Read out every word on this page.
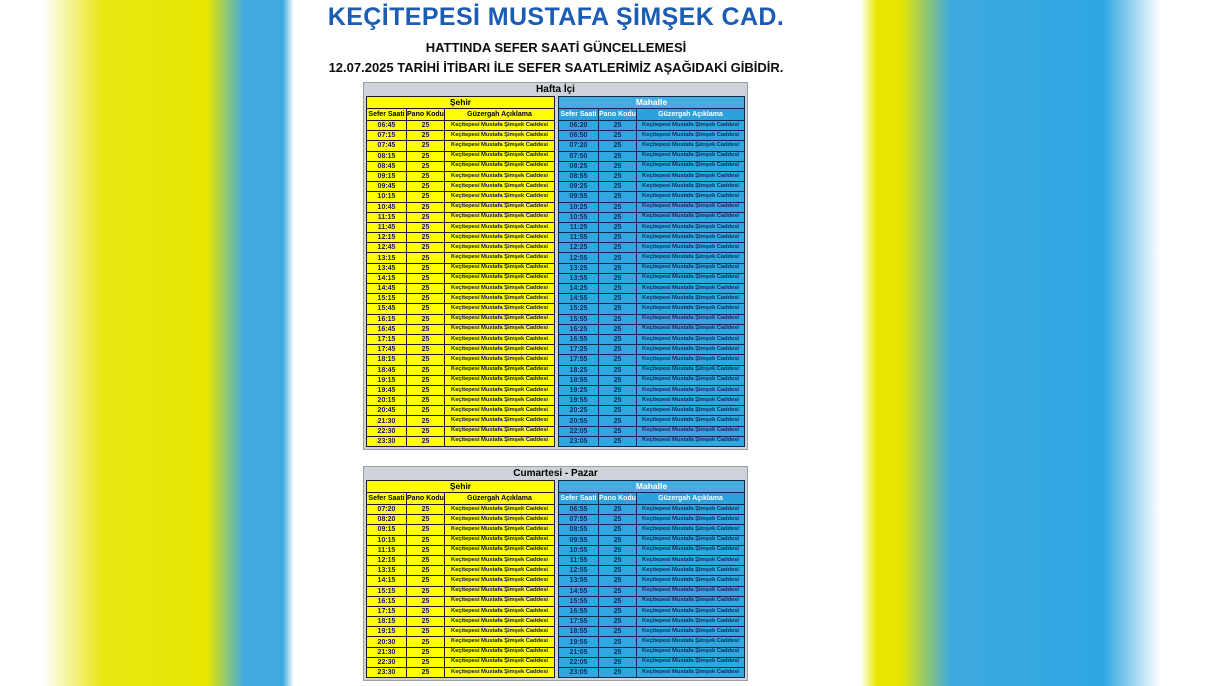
KEÇİTEPESİ MUSTAFA ŞİMŞEK CAD.
HATTINDA SEFER SAATİ GÜNCELLEMESİ
12.07.2025 TARİHİ İTİBARI İLE SEFER SAATLERİMİZ AŞAĞIDAKİ GİBİDİR.
Hafta İçi
Şehir		
Sefer Saati	Pano Kodu	Güzergah Açıklama
06:45	25	Keçitepesi Mustafa Şimşek Caddesi
07:15	25	Keçitepesi Mustafa Şimşek Caddesi
07:45	25	Keçitepesi Mustafa Şimşek Caddesi
08:15	25	Keçitepesi Mustafa Şimşek Caddesi
08:45	25	Keçitepesi Mustafa Şimşek Caddesi
09:15	25	Keçitepesi Mustafa Şimşek Caddesi
09:45	25	Keçitepesi Mustafa Şimşek Caddesi
10:15	25	Keçitepesi Mustafa Şimşek Caddesi
10:45	25	Keçitepesi Mustafa Şimşek Caddesi
11:15	25	Keçitepesi Mustafa Şimşek Caddesi
11:45	25	Keçitepesi Mustafa Şimşek Caddesi
12:15	25	Keçitepesi Mustafa Şimşek Caddesi
12:45	25	Keçitepesi Mustafa Şimşek Caddesi
13:15	25	Keçitepesi Mustafa Şimşek Caddesi
13:45	25	Keçitepesi Mustafa Şimşek Caddesi
14:15	25	Keçitepesi Mustafa Şimşek Caddesi
14:45	25	Keçitepesi Mustafa Şimşek Caddesi
15:15	25	Keçitepesi Mustafa Şimşek Caddesi
15:45	25	Keçitepesi Mustafa Şimşek Caddesi
16:15	25	Keçitepesi Mustafa Şimşek Caddesi
16:45	25	Keçitepesi Mustafa Şimşek Caddesi
17:15	25	Keçitepesi Mustafa Şimşek Caddesi
17:45	25	Keçitepesi Mustafa Şimşek Caddesi
18:15	25	Keçitepesi Mustafa Şimşek Caddesi
18:45	25	Keçitepesi Mustafa Şimşek Caddesi
19:15	25	Keçitepesi Mustafa Şimşek Caddesi
19:45	25	Keçitepesi Mustafa Şimşek Caddesi
20:15	25	Keçitepesi Mustafa Şimşek Caddesi
20:45	25	Keçitepesi Mustafa Şimşek Caddesi
21:30	25	Keçitepesi Mustafa Şimşek Caddesi
22:30	25	Keçitepesi Mustafa Şimşek Caddesi
23:30	25	Keçitepesi Mustafa Şimşek Caddesi
Mahalle		
Sefer Saati	Pano Kodu	Güzergah Açıklama
06:20	25	Keçitepesi Mustafa Şimşek Caddesi
06:50	25	Keçitepesi Mustafa Şimşek Caddesi
07:20	25	Keçitepesi Mustafa Şimşek Caddesi
07:50	25	Keçitepesi Mustafa Şimşek Caddesi
08:25	25	Keçitepesi Mustafa Şimşek Caddesi
08:55	25	Keçitepesi Mustafa Şimşek Caddesi
09:25	25	Keçitepesi Mustafa Şimşek Caddesi
09:55	25	Keçitepesi Mustafa Şimşek Caddesi
10:25	25	Keçitepesi Mustafa Şimşek Caddesi
10:55	25	Keçitepesi Mustafa Şimşek Caddesi
11:25	25	Keçitepesi Mustafa Şimşek Caddesi
11:55	25	Keçitepesi Mustafa Şimşek Caddesi
12:25	25	Keçitepesi Mustafa Şimşek Caddesi
12:55	25	Keçitepesi Mustafa Şimşek Caddesi
13:25	25	Keçitepesi Mustafa Şimşek Caddesi
13:55	25	Keçitepesi Mustafa Şimşek Caddesi
14:25	25	Keçitepesi Mustafa Şimşek Caddesi
14:55	25	Keçitepesi Mustafa Şimşek Caddesi
15:25	25	Keçitepesi Mustafa Şimşek Caddesi
15:55	25	Keçitepesi Mustafa Şimşek Caddesi
16:25	25	Keçitepesi Mustafa Şimşek Caddesi
16:55	25	Keçitepesi Mustafa Şimşek Caddesi
17:25	25	Keçitepesi Mustafa Şimşek Caddesi
17:55	25	Keçitepesi Mustafa Şimşek Caddesi
18:25	25	Keçitepesi Mustafa Şimşek Caddesi
18:55	25	Keçitepesi Mustafa Şimşek Caddesi
19:25	25	Keçitepesi Mustafa Şimşek Caddesi
19:55	25	Keçitepesi Mustafa Şimşek Caddesi
20:25	25	Keçitepesi Mustafa Şimşek Caddesi
20:55	25	Keçitepesi Mustafa Şimşek Caddesi
22:05	25	Keçitepesi Mustafa Şimşek Caddesi
23:05	25	Keçitepesi Mustafa Şimşek Caddesi
Cumartesi - Pazar
Şehir		
Sefer Saati	Pano Kodu	Güzergah Açıklama
07:20	25	Keçitepesi Mustafa Şimşek Caddesi
08:20	25	Keçitepesi Mustafa Şimşek Caddesi
09:15	25	Keçitepesi Mustafa Şimşek Caddesi
10:15	25	Keçitepesi Mustafa Şimşek Caddesi
11:15	25	Keçitepesi Mustafa Şimşek Caddesi
12:15	25	Keçitepesi Mustafa Şimşek Caddesi
13:15	25	Keçitepesi Mustafa Şimşek Caddesi
14:15	25	Keçitepesi Mustafa Şimşek Caddesi
15:15	25	Keçitepesi Mustafa Şimşek Caddesi
16:15	25	Keçitepesi Mustafa Şimşek Caddesi
17:15	25	Keçitepesi Mustafa Şimşek Caddesi
18:15	25	Keçitepesi Mustafa Şimşek Caddesi
19:15	25	Keçitepesi Mustafa Şimşek Caddesi
20:30	25	Keçitepesi Mustafa Şimşek Caddesi
21:30	25	Keçitepesi Mustafa Şimşek Caddesi
22:30	25	Keçitepesi Mustafa Şimşek Caddesi
23:30	25	Keçitepesi Mustafa Şimşek Caddesi
Mahalle		
Sefer Saati	Pano Kodu	Güzergah Açıklama
06:55	25	Keçitepesi Mustafa Şimşek Caddesi
07:55	25	Keçitepesi Mustafa Şimşek Caddesi
08:55	25	Keçitepesi Mustafa Şimşek Caddesi
09:55	25	Keçitepesi Mustafa Şimşek Caddesi
10:55	25	Keçitepesi Mustafa Şimşek Caddesi
11:55	25	Keçitepesi Mustafa Şimşek Caddesi
12:55	25	Keçitepesi Mustafa Şimşek Caddesi
13:55	25	Keçitepesi Mustafa Şimşek Caddesi
14:55	25	Keçitepesi Mustafa Şimşek Caddesi
15:55	25	Keçitepesi Mustafa Şimşek Caddesi
16:55	25	Keçitepesi Mustafa Şimşek Caddesi
17:55	25	Keçitepesi Mustafa Şimşek Caddesi
18:55	25	Keçitepesi Mustafa Şimşek Caddesi
19:55	25	Keçitepesi Mustafa Şimşek Caddesi
21:05	25	Keçitepesi Mustafa Şimşek Caddesi
22:05	25	Keçitepesi Mustafa Şimşek Caddesi
23:05	25	Keçitepesi Mustafa Şimşek Caddesi
